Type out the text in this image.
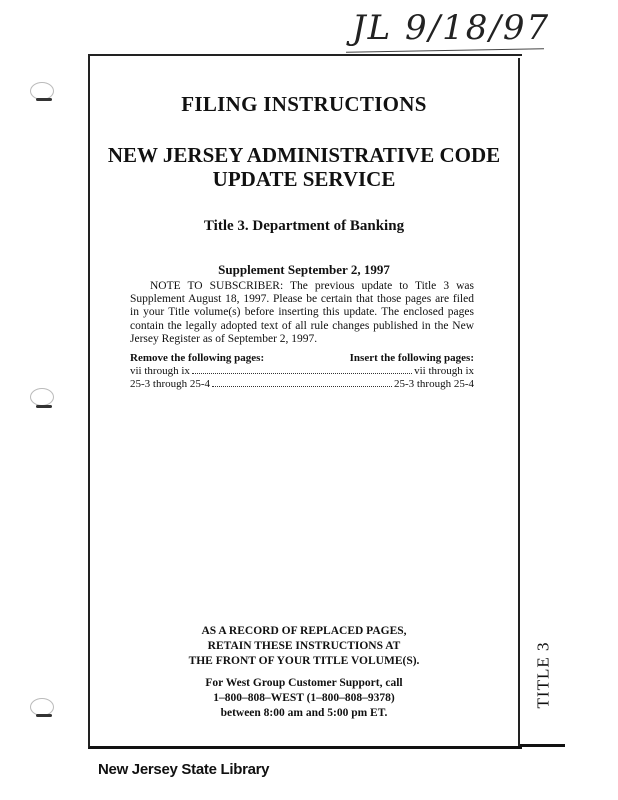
JL 9/18/97
TITLE 3
FILING INSTRUCTIONS
NEW JERSEY ADMINISTRATIVE CODE
UPDATE SERVICE
Title 3. Department of Banking
Supplement September 2, 1997
NOTE TO SUBSCRIBER: The previous update to Title 3 was Supplement August 18, 1997. Please be certain that those pages are filed in your Title volume(s) before inserting this update. The enclosed pages contain the legally adopted text of all rule changes published in the New Jersey Register as of September 2, 1997.
Remove the following pages:	Insert the following pages:
vii through ix	vii through ix
25-3 through 25-4	25-3 through 25-4
AS A RECORD OF REPLACED PAGES,
RETAIN THESE INSTRUCTIONS AT
THE FRONT OF YOUR TITLE VOLUME(S).
For West Group Customer Support, call
1–800–808–WEST (1–800–808–9378)
between 8:00 am and 5:00 pm ET.
New Jersey State Library
